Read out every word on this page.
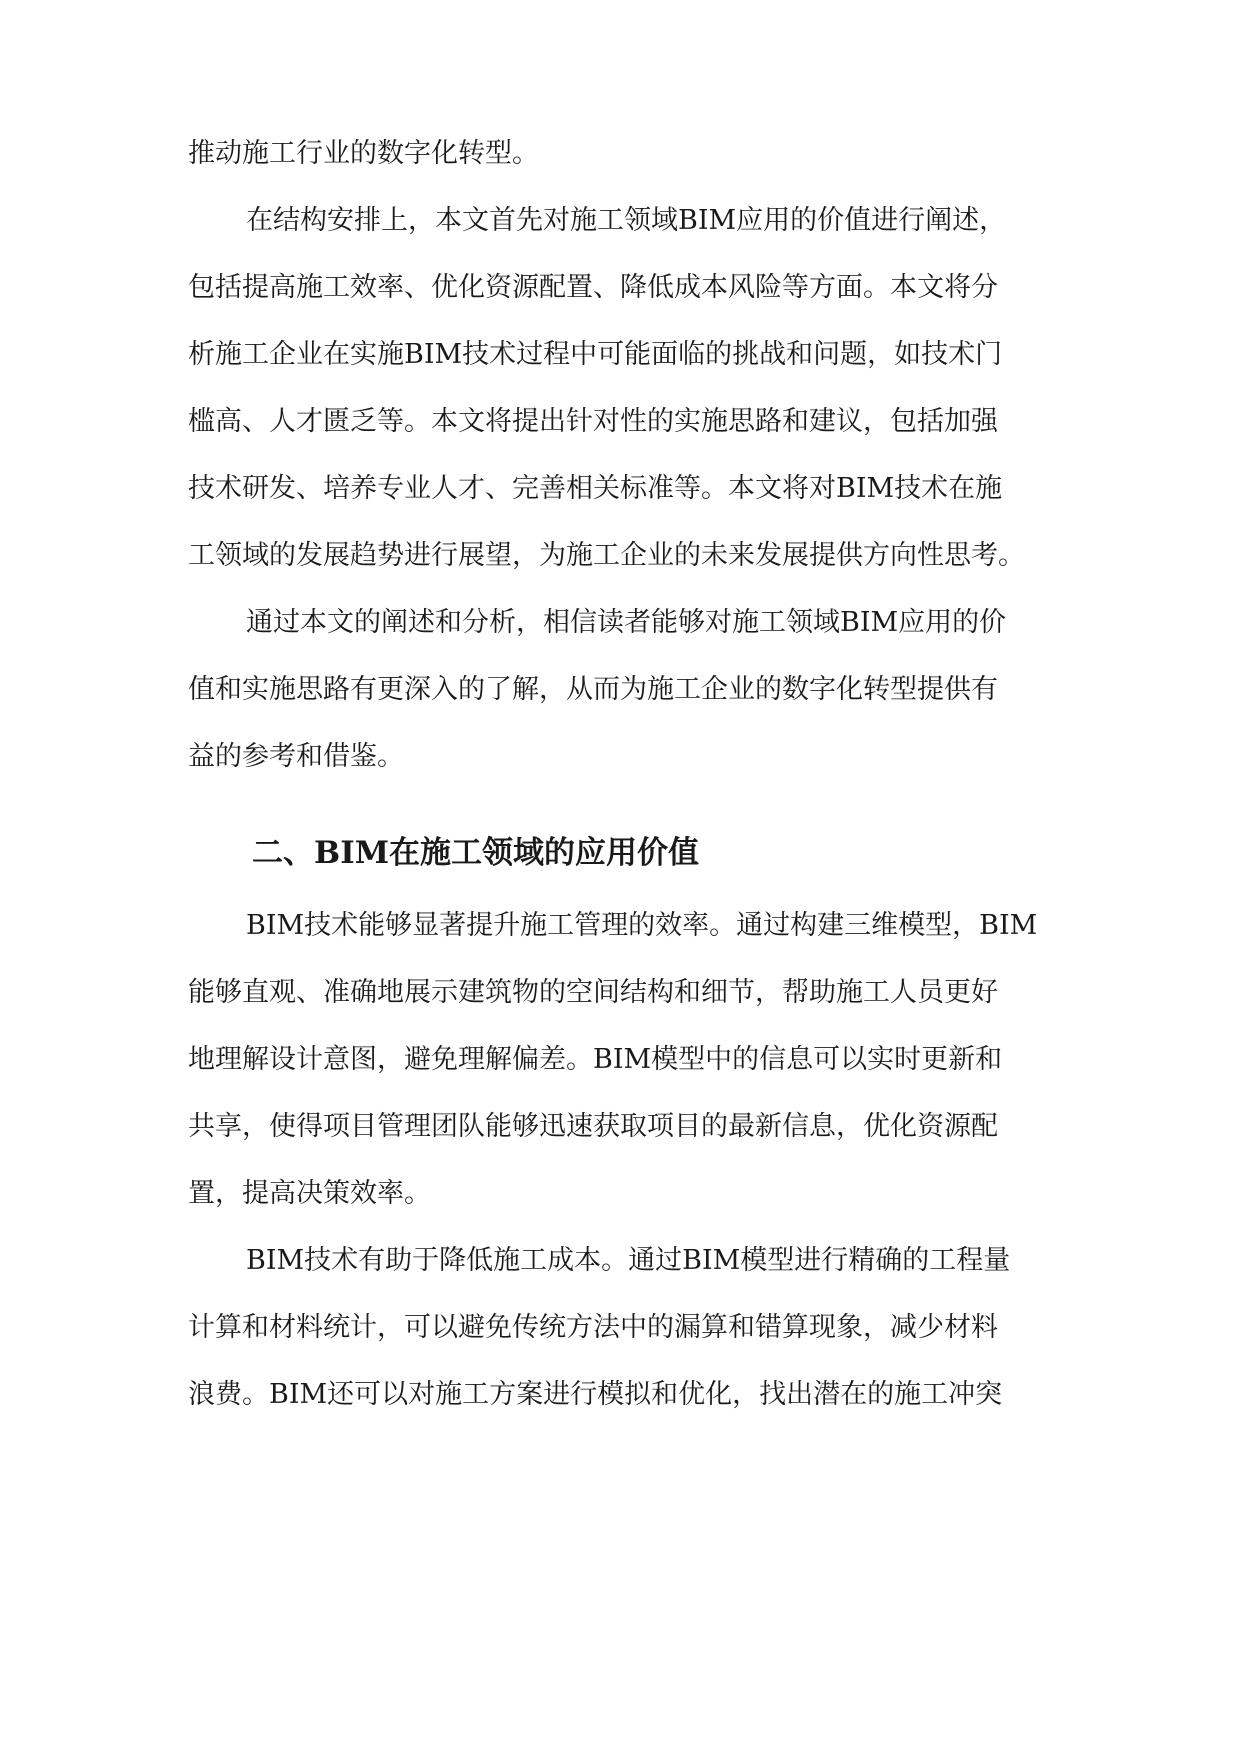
推动施工行业的数字化转型。
在结构安排上，本文首先对施工领域BIM应用的价值进行阐述，
包括提高施工效率、优化资源配置、降低成本风险等方面。本文将分
析施工企业在实施BIM技术过程中可能面临的挑战和问题，如技术门
槛高、人才匮乏等。本文将提出针对性的实施思路和建议，包括加强
技术研发、培养专业人才、完善相关标准等。本文将对BIM技术在施
工领域的发展趋势进行展望，为施工企业的未来发展提供方向性思考。
通过本文的阐述和分析，相信读者能够对施工领域BIM应用的价
值和实施思路有更深入的了解，从而为施工企业的数字化转型提供有
益的参考和借鉴。
二、BIM在施工领域的应用价值
BIM技术能够显著提升施工管理的效率。通过构建三维模型，BIM
能够直观、准确地展示建筑物的空间结构和细节，帮助施工人员更好
地理解设计意图，避免理解偏差。BIM模型中的信息可以实时更新和
共享，使得项目管理团队能够迅速获取项目的最新信息，优化资源配
置，提高决策效率。
BIM技术有助于降低施工成本。通过BIM模型进行精确的工程量
计算和材料统计，可以避免传统方法中的漏算和错算现象，减少材料
浪费。BIM还可以对施工方案进行模拟和优化，找出潜在的施工冲突
